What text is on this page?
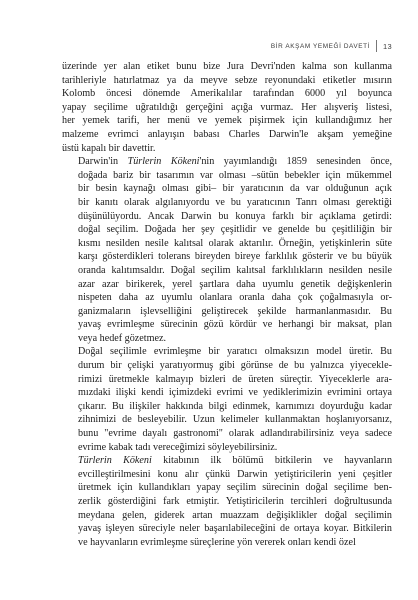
BİR AKŞAM YEMEĞİ DAVETİ 13
üzerinde yer alan etiket bunu bize Jura Devri'nden kalma son kullanma
tarihleriyle hatırlatmaz ya da meyve sebze reyonundaki etiketler mısırın
Kolomb öncesi dönemde Amerikalılar tarafından 6000 yıl boyunca
yapay seçilime uğratıldığı gerçeğini açığa vurmaz. Her alışveriş listesi,
her yemek tarifi, her menü ve yemek pişirmek için kullandığımız her
malzeme evrimci anlayışın babası Charles Darwin'le akşam yemeğine
üstü kapalı bir davettir.
Darwin'in Türlerin Kökeni'nin yayımlandığı 1859 senesinden önce,
doğada bariz bir tasarımın var olması –sütün bebekler için mükemmel
bir besin kaynağı olması gibi– bir yaratıcının da var olduğunun açık
bir kanıtı olarak algılanıyordu ve bu yaratıcının Tanrı olması gerektiği
düşünülüyordu. Ancak Darwin bu konuya farklı bir açıklama getirdi:
doğal seçilim. Doğada her şey çeşitlidir ve genelde bu çeşitliliğin bir
kısmı nesilden nesile kalıtsal olarak aktarılır. Örneğin, yetişkinlerin süte
karşı gösterdikleri tolerans bireyden bireye farklılık gösterir ve bu büyük
oranda kalıtımsaldır. Doğal seçilim kalıtsal farklılıkların nesilden nesile
azar azar birikerek, yerel şartlara daha uyumlu genetik değişkenlerin
nispeten daha az uyumlu olanlara oranla daha çok çoğalmasıyla or-
ganizmaların işlevselliğini geliştirecek şekilde harmanlanmasıdır. Bu
yavaş evrimleşme sürecinin gözü kördür ve herhangi bir maksat, plan
veya hedef gözetmez.
Doğal seçilimle evrimleşme bir yaratıcı olmaksızın model üretir. Bu
durum bir çelişki yaratıyormuş gibi görünse de bu yalnızca yiyecekle-
rimizi üretmekle kalmayıp bizleri de üreten süreçtir. Yiyeceklerle ara-
mızdaki ilişki kendi içimizdeki evrimi ve yediklerimizin evrimini ortaya
çıkarır. Bu ilişkiler hakkında bilgi edinmek, karnımızı doyurduğu kadar
zihnimizi de besleyebilir. Uzun kelimeler kullanmaktan hoşlanıyorsanız,
bunu "evrime dayalı gastronomi" olarak adlandırabilirsiniz veya sadece
evrime kabak tadı vereceğimizi söyleyebilirsiniz.
Türlerin Kökeni kitabının ilk bölümü bitkilerin ve hayvanların
evcilleştirilmesini konu alır çünkü Darwin yetiştiricilerin yeni çeşitler
üretmek için kullandıkları yapay seçilim sürecinin doğal seçilime ben-
zerlik gösterdiğini fark etmiştir. Yetiştiricilerin tercihleri doğrultusunda
meydana gelen, giderek artan muazzam değişiklikler doğal seçilimin
yavaş işleyen süreciyle neler başarılabileceğini de ortaya koyar. Bitkilerin
ve hayvanların evrimleşme süreçlerine yön vererek onları kendi özel
